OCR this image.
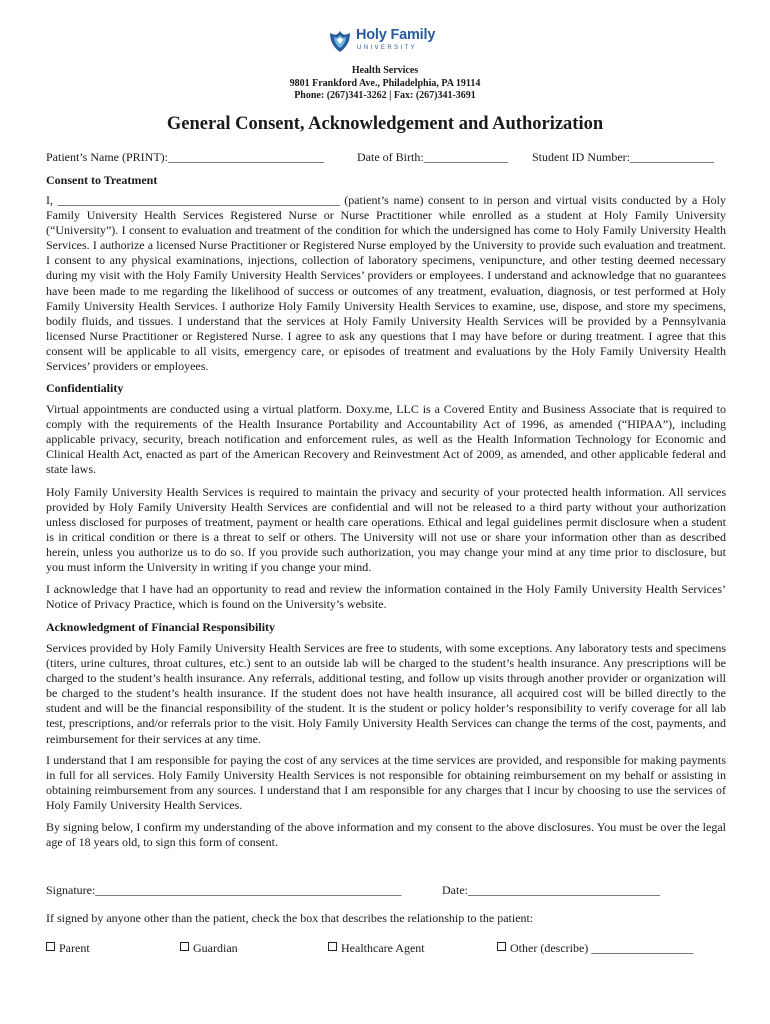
Holy Family
UNIVERSITY
Health Services
9801 Frankford Ave., Philadelphia, PA 19114
Phone: (267)341-3262 | Fax: (267)341-3691
General Consent, Acknowledgement and Authorization
Patient’s Name (PRINT):__________________________	Date of Birth:______________ Student ID Number:______________
Consent to Treatment
I, _______________________________________________ (patient’s name) consent to in person and virtual visits conducted by a Holy Family University Health Services Registered Nurse or Nurse Practitioner while enrolled as a student at Holy Family University (“University”). I consent to evaluation and treatment of the condition for which the undersigned has come to Holy Family University Health Services. I authorize a licensed Nurse Practitioner or Registered Nurse employed by the University to provide such evaluation and treatment. I consent to any physical examinations, injections, collection of laboratory specimens, venipuncture, and other testing deemed necessary during my visit with the Holy Family University Health Services’ providers or employees. I understand and acknowledge that no guarantees have been made to me regarding the likelihood of success or outcomes of any treatment, evaluation, diagnosis, or test performed at Holy Family University Health Services. I authorize Holy Family University Health Services to examine, use, dispose, and store my specimens, bodily fluids, and tissues. I understand that the services at Holy Family University Health Services will be provided by a Pennsylvania licensed Nurse Practitioner or Registered Nurse. I agree to ask any questions that I may have before or during treatment. I agree that this consent will be applicable to all visits, emergency care, or episodes of treatment and evaluations by the Holy Family University Health Services’ providers or employees.
Confidentiality
Virtual appointments are conducted using a virtual platform. Doxy.me, LLC is a Covered Entity and Business Associate that is required to comply with the requirements of the Health Insurance Portability and Accountability Act of 1996, as amended (“HIPAA”), including applicable privacy, security, breach notification and enforcement rules, as well as the Health Information Technology for Economic and Clinical Health Act, enacted as part of the American Recovery and Reinvestment Act of 2009, as amended, and other applicable federal and state laws.
Holy Family University Health Services is required to maintain the privacy and security of your protected health information. All services provided by Holy Family University Health Services are confidential and will not be released to a third party without your authorization unless disclosed for purposes of treatment, payment or health care operations. Ethical and legal guidelines permit disclosure when a student is in critical condition or there is a threat to self or others. The University will not use or share your information other than as described herein, unless you authorize us to do so. If you provide such authorization, you may change your mind at any time prior to disclosure, but you must inform the University in writing if you change your mind.
I acknowledge that I have had an opportunity to read and review the information contained in the Holy Family University Health Services’ Notice of Privacy Practice, which is found on the University’s website.
Acknowledgment of Financial Responsibility
Services provided by Holy Family University Health Services are free to students, with some exceptions. Any laboratory tests and specimens (titers, urine cultures, throat cultures, etc.) sent to an outside lab will be charged to the student’s health insurance. Any prescriptions will be charged to the student’s health insurance. Any referrals, additional testing, and follow up visits through another provider or organization will be charged to the student’s health insurance. If the student does not have health insurance, all acquired cost will be billed directly to the student and will be the financial responsibility of the student. It is the student or policy holder’s responsibility to verify coverage for all lab test, prescriptions, and/or referrals prior to the visit. Holy Family University Health Services can change the terms of the cost, payments, and reimbursement for their services at any time.
I understand that I am responsible for paying the cost of any services at the time services are provided, and responsible for making payments in full for all services. Holy Family University Health Services is not responsible for obtaining reimbursement on my behalf or assisting in obtaining reimbursement from any sources. I understand that I am responsible for any charges that I incur by choosing to use the services of Holy Family University Health Services.
By signing below, I confirm my understanding of the above information and my consent to the above disclosures. You must be over the legal age of 18 years old, to sign this form of consent.
Signature:___________________________________________________	Date:________________________________
If signed by anyone other than the patient, check the box that describes the relationship to the patient:
Parent	Guardian	Healthcare Agent	Other (describe) _________________
